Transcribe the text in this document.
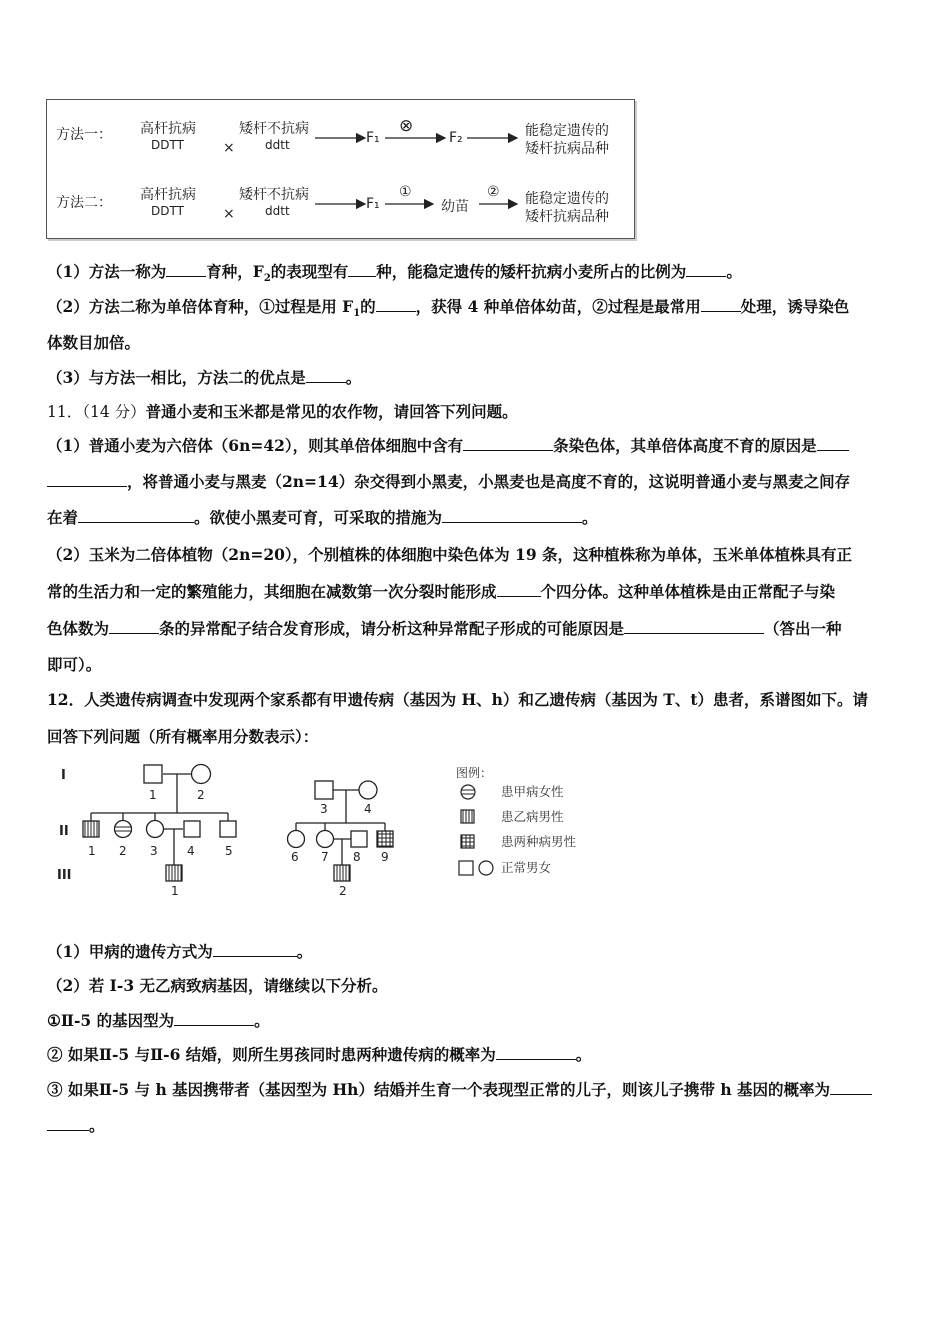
方法一： 高杆抗病
DDTT	×
矮杆不抗病
ddtt	F₁
⊗
F₂	能稳定遗传的
矮杆抗病品种
方法二： 高杆抗病
DDTT	×
矮杆不抗病
ddtt	F₁
①
幼苗
② 能稳定遗传的
矮杆抗病品种
（1）方法一称为	育种，$F_2$的表现型有 种，能稳定遗传的矮杆抗病小麦所占的比例为	。
（2）方法二称为单倍体育种，①过程是用 $F_1$的	，获得 4 种单倍体幼苗，②过程是最常用	处理，诱导染色
体数目加倍。
（3）与方法一相比，方法二的优点是	。
11．（14 分）普通小麦和玉米都是常见的农作物，请回答下列问题。
（1）普通小麦为六倍体（6n=42），则其单倍体细胞中含有	条染色体，其单倍体高度不育的原因是
，将普通小麦与黑麦（2n=14）杂交得到小黑麦，小黑麦也是高度不育的，这说明普通小麦与黑麦之间存
在着	。欲使小黑麦可育，可采取的措施为	。
（2）玉米为二倍体植物（2n=20），个别植株的体细胞中染色体为 19 条，这种植株称为单体，玉米单体植株具有正
常的生活力和一定的繁殖能力，其细胞在减数第一次分裂时能形成	个四分体。这种单体植株是由正常配子与染
色体数为	条的异常配子结合发育形成，请分析这种异常配子形成的可能原因是	（答出一种
即可）。
12．人类遗传病调查中发现两个家系都有甲遗传病（基因为 H、h）和乙遗传病（基因为 T、t）患者，系谱图如下。请
回答下列问题（所有概率用分数表示）：
I
II
III
1	2
1 2 3 4	5
1
3	4
6 7 8 9
2
图例：
患甲病女性
患乙病男性
患两种病男性
正常男女
（1）甲病的遗传方式为	。
（2）若 I-3 无乙病致病基因，请继续以下分析。
①Ⅱ-5 的基因型为	。
② 如果Ⅱ-5 与Ⅱ-6 结婚，则所生男孩同时患两种遗传病的概率为	。
③ 如果Ⅱ-5 与 h 基因携带者（基因型为 Hh）结婚并生育一个表现型正常的儿子，则该儿子携带 h 基因的概率为
。
